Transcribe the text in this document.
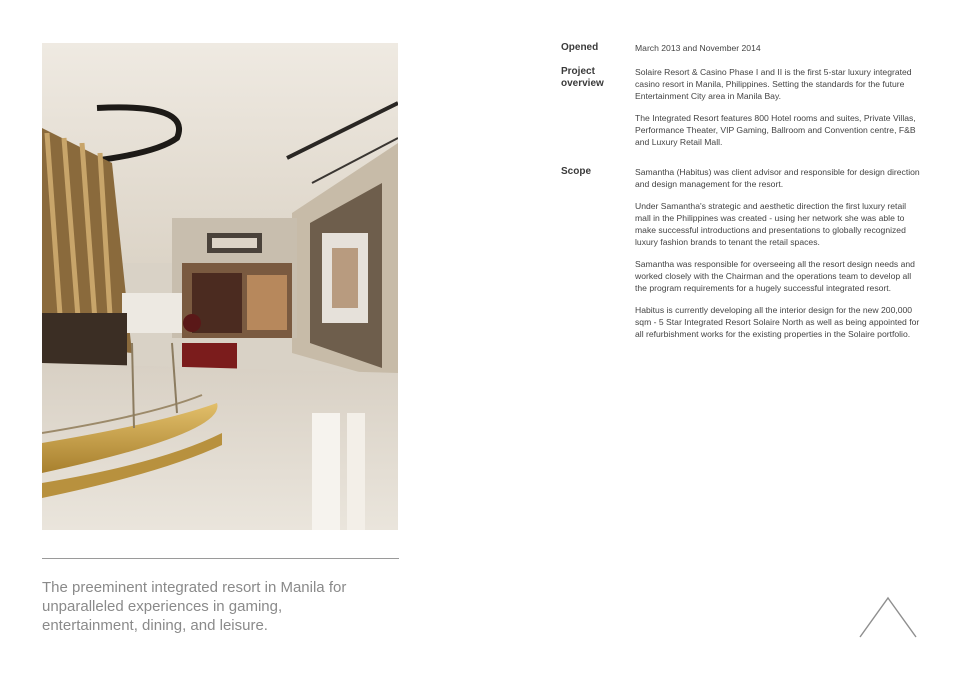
The preeminent integrated resort in Manila for unparalleled experiences in gaming, entertainment, dining, and leisure.
Opened	March 2013 and November 2014
Project overview

Solaire Resort & Casino Phase I and II is the first 5-star luxury integrated casino resort in Manila, Philippines. Setting the standards for the future Entertainment City area in Manila Bay.

The Integrated Resort features 800 Hotel rooms and suites, Private Villas, Performance Theater, VIP Gaming, Ballroom and Convention centre, F&B and Luxury Retail Mall.

Scope	Samantha (Habitus) was client advisor and responsible for design direction and design management for the resort.

Under Samantha's strategic and aesthetic direction the first luxury retail mall in the Philippines was created - using her network she was able to make successful introductions and presentations to globally recognized luxury fashion brands to tenant the retail spaces.

Samantha was responsible for overseeing all the resort design needs and worked closely with the Chairman and the operations team to develop all the program requirements for a hugely successful integrated resort.

Habitus is currently developing all the interior design for the new 200,000 sqm - 5 Star Integrated Resort Solaire North as well as being appointed for all refurbishment works for the existing properties in the Solaire portfolio.
